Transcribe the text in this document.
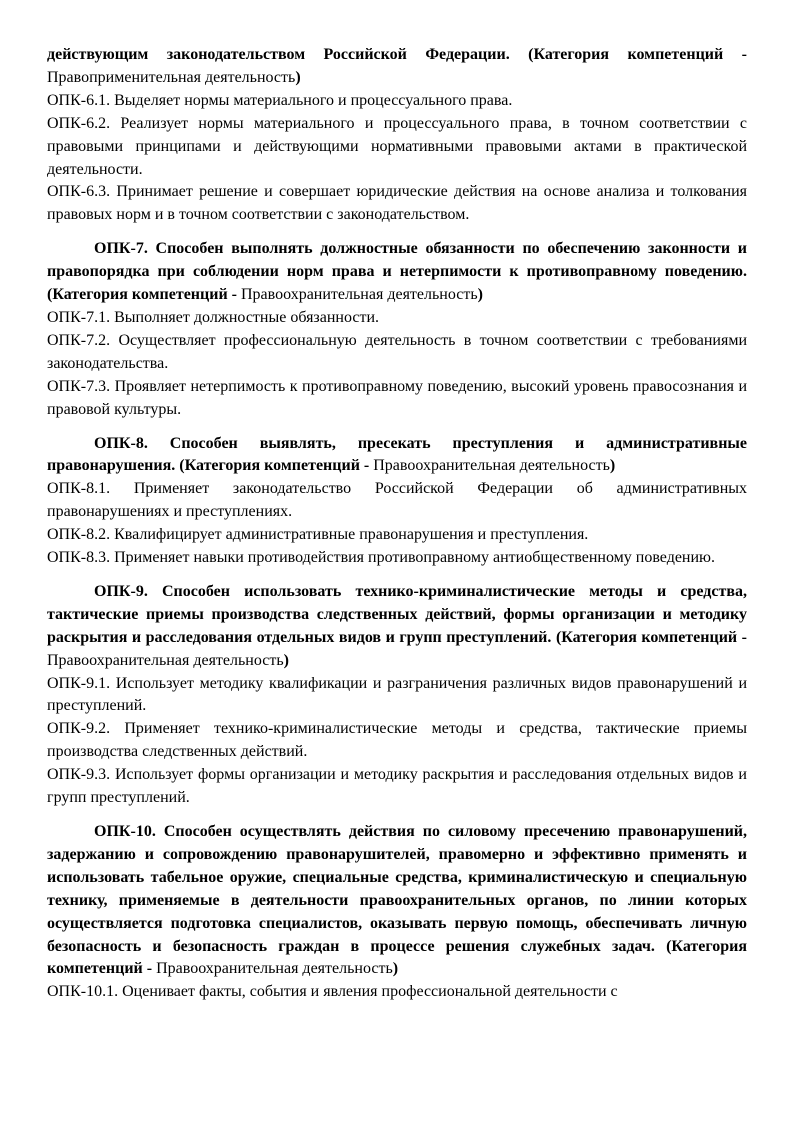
действующим законодательством Российской Федерации. (Категория компетенций - Правоприменительная деятельность)

ОПК-6.1. Выделяет нормы материального и процессуального права.

ОПК-6.2. Реализует нормы материального и процессуального права, в точном соответствии с правовыми принципами и действующими нормативными правовыми актами в практической деятельности.

ОПК-6.3. Принимает решение и совершает юридические действия на основе анализа и толкования правовых норм и в точном соответствии с законодательством.

ОПК-7. Способен выполнять должностные обязанности по обеспечению законности и правопорядка при соблюдении норм права и нетерпимости к противоправному поведению. (Категория компетенций - Правоохранительная деятельность)

ОПК-7.1. Выполняет должностные обязанности.

ОПК-7.2. Осуществляет профессиональную деятельность в точном соответствии с требованиями законодательства.

ОПК-7.3. Проявляет нетерпимость к противоправному поведению, высокий уровень правосознания и правовой культуры.

ОПК-8. Способен выявлять, пресекать преступления и административные правонарушения. (Категория компетенций - Правоохранительная деятельность)

ОПК-8.1. Применяет законодательство Российской Федерации об административных правонарушениях и преступлениях.

ОПК-8.2. Квалифицирует административные правонарушения и преступления.

ОПК-8.3. Применяет навыки противодействия противоправному антиобщественному поведению.

ОПК-9. Способен использовать технико-криминалистические методы и средства, тактические приемы производства следственных действий, формы организации и методику раскрытия и расследования отдельных видов и групп преступлений. (Категория компетенций - Правоохранительная деятельность)

ОПК-9.1. Использует методику квалификации и разграничения различных видов правонарушений и преступлений.

ОПК-9.2. Применяет технико-криминалистические методы и средства, тактические приемы производства следственных действий.

ОПК-9.3. Использует формы организации и методику раскрытия и расследования отдельных видов и групп преступлений.

ОПК-10. Способен осуществлять действия по силовому пресечению правонарушений, задержанию и сопровождению правонарушителей, правомерно и эффективно применять и использовать табельное оружие, специальные средства, криминалистическую и специальную технику, применяемые в деятельности правоохранительных органов, по линии которых осуществляется подготовка специалистов, оказывать первую помощь, обеспечивать личную безопасность и безопасность граждан в процессе решения служебных задач. (Категория компетенций - Правоохранительная деятельность)

ОПК-10.1. Оценивает факты, события и явления профессиональной деятельности с
